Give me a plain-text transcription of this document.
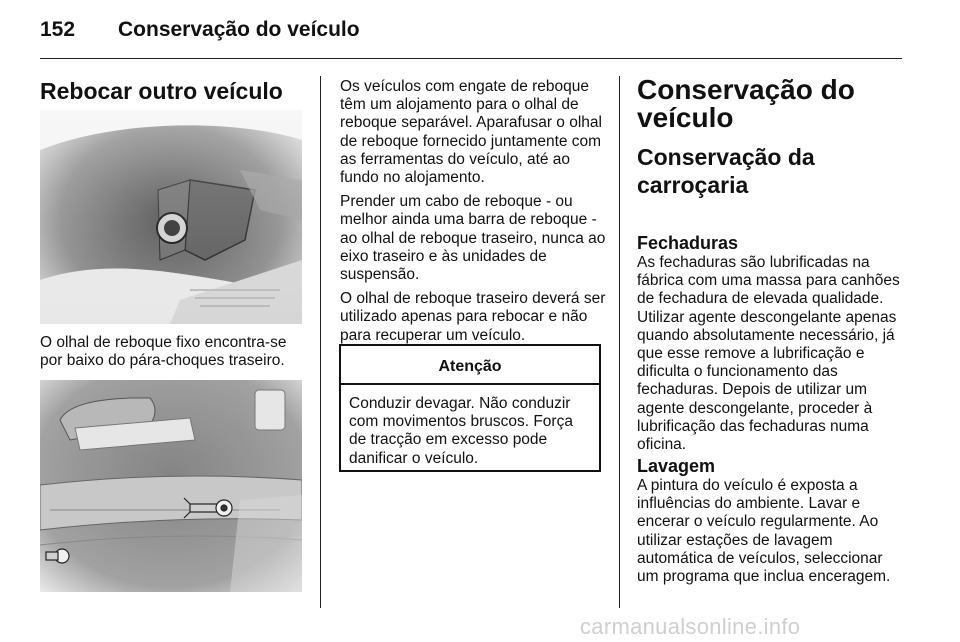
152 Conservação do veículo
Rebocar outro veículo
O olhal de reboque fixo encontra-se por baixo do pára-choques traseiro.

Os veículos com engate de reboque têm um alojamento para o olhal de reboque separável. Aparafusar o olhal de reboque fornecido juntamente com as ferramentas do veículo, até ao fundo no alojamento.

Prender um cabo de reboque - ou melhor ainda uma barra de reboque - ao olhal de reboque traseiro, nunca ao eixo traseiro e às unidades de suspensão.

O olhal de reboque traseiro deverá ser utilizado apenas para rebocar e não para recuperar um veículo.

Atenção
Conduzir devagar. Não conduzir com movimentos bruscos. Força de tracção em excesso pode danificar o veículo.
Conservação do veículo
Conservação da carroçaria
Fechaduras
As fechaduras são lubrificadas na fábrica com uma massa para canhões de fechadura de elevada qualidade. Utilizar agente descongelante apenas quando absolutamente necessário, já que esse remove a lubrificação e dificulta o funcionamento das fechaduras. Depois de utilizar um agente descongelante, proceder à lubrificação das fechaduras numa oficina.
Lavagem
A pintura do veículo é exposta a influências do ambiente. Lavar e encerar o veículo regularmente. Ao utilizar estações de lavagem automática de veículos, seleccionar um programa que inclua enceragem.
carmanualsonline.info
